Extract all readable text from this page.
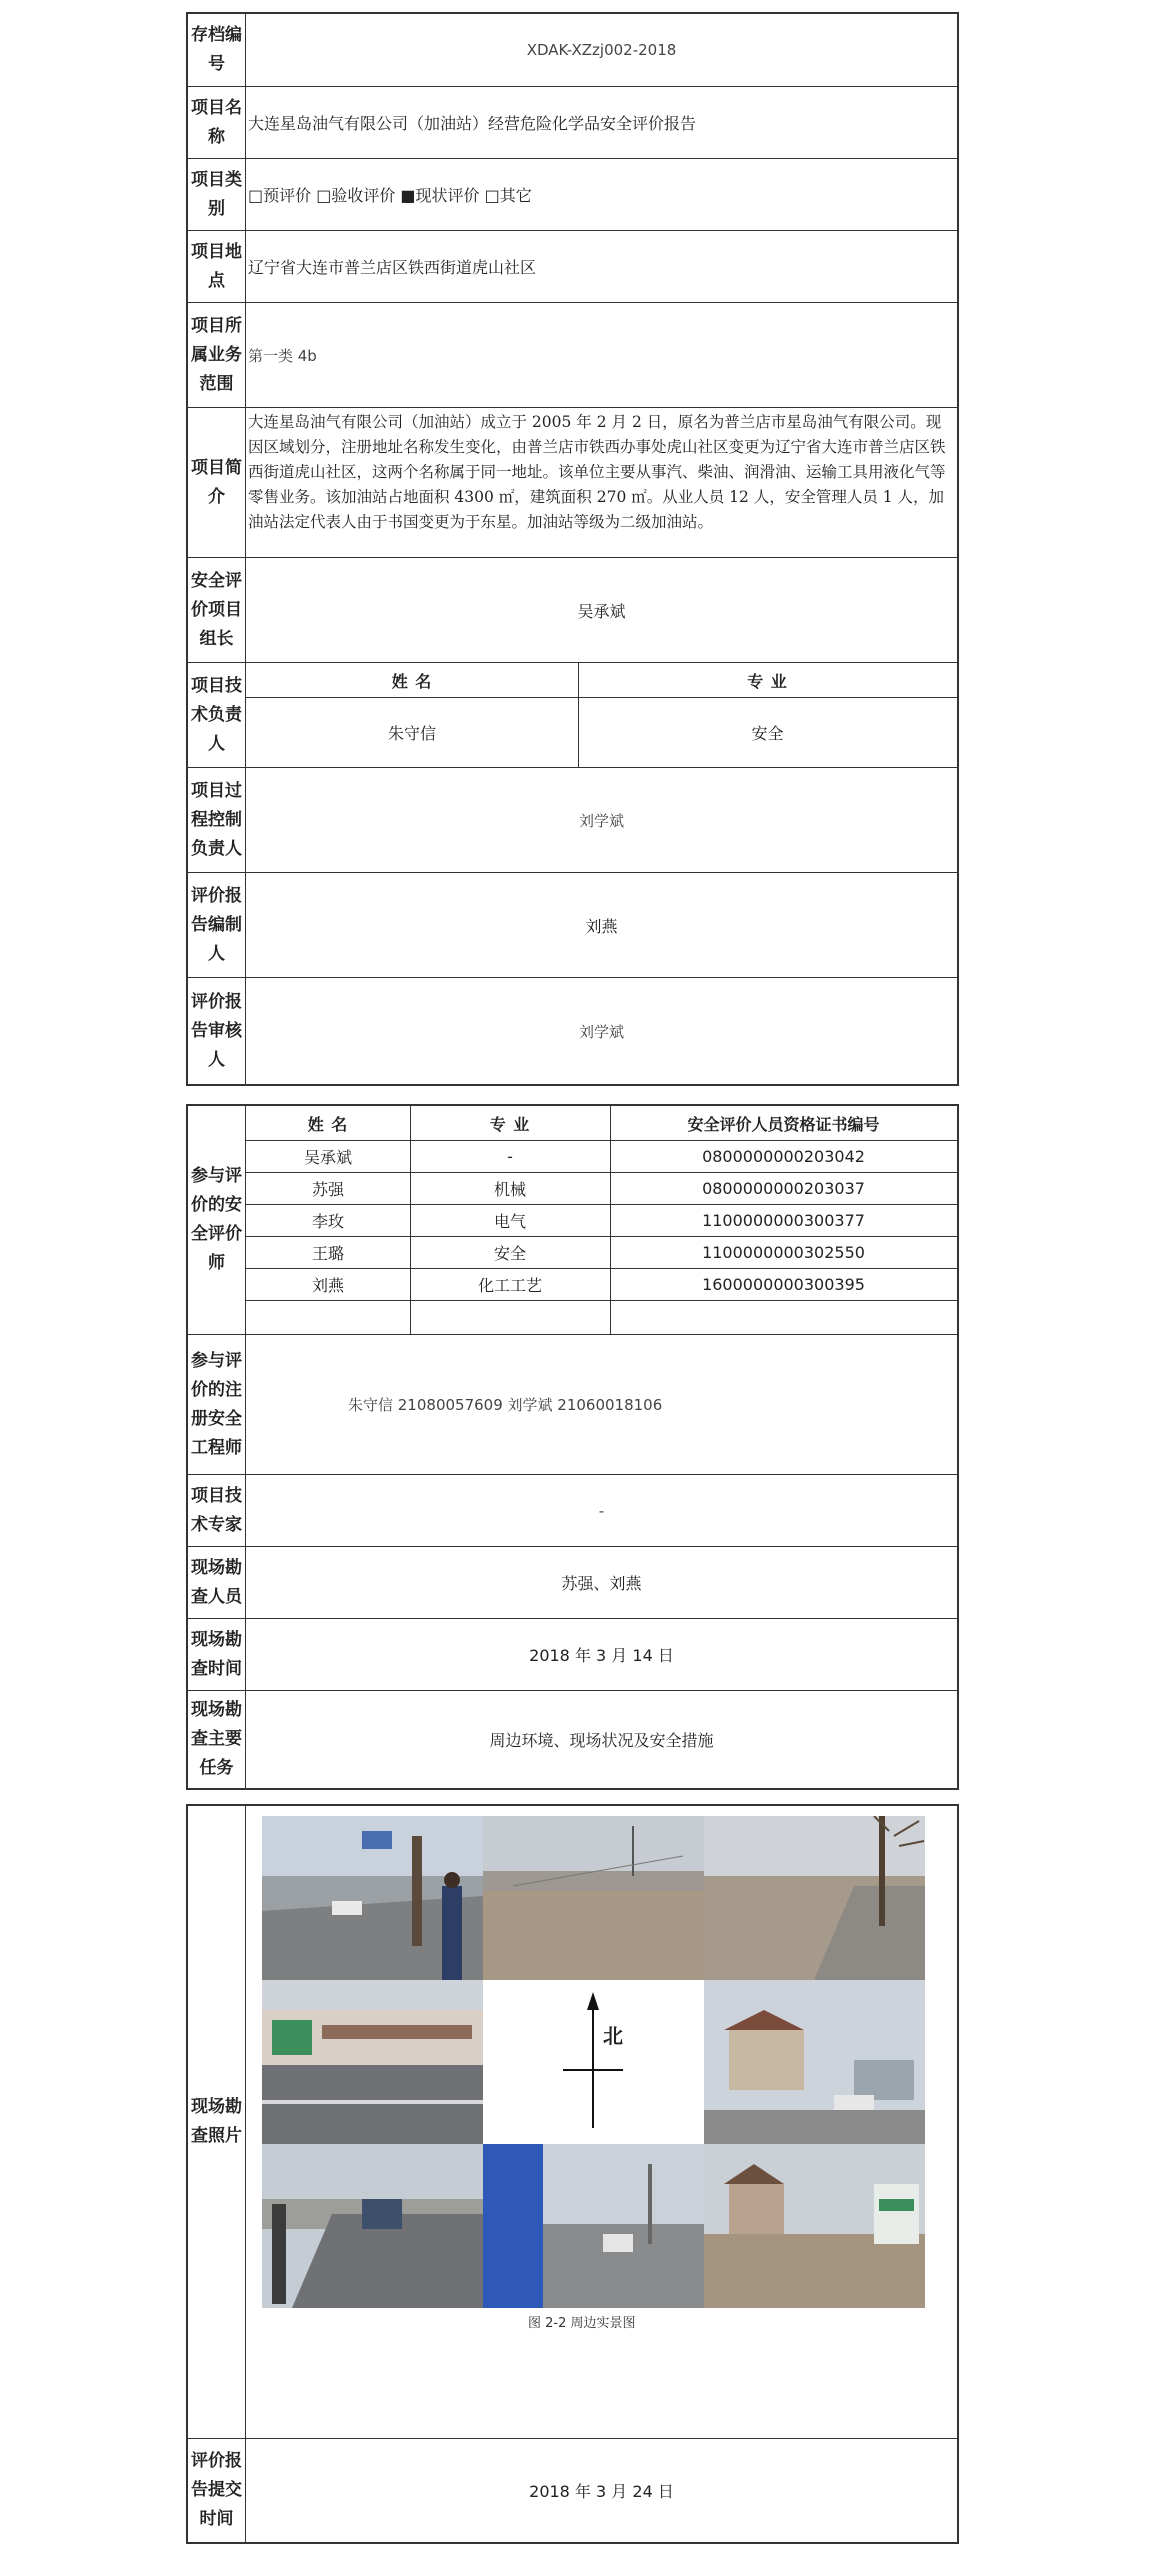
存档编号
XDAK-XZzj002-2018
项目名称
大连星岛油气有限公司（加油站）经营危险化学品安全评价报告
项目类别
□预评价 □验收评价 ■现状评价 □其它
项目地点
辽宁省大连市普兰店区铁西街道虎山社区
项目所属业务范围
第一类 4b
项目简介
大连星岛油气有限公司（加油站）成立于 2005 年 2 月 2 日，原名为普兰店市星岛油气有限公司。现因区域划分，注册地址名称发生变化，由普兰店市铁西办事处虎山社区变更为辽宁省大连市普兰店区铁西街道虎山社区，这两个名称属于同一地址。该单位主要从事汽、柴油、润滑油、运输工具用液化气等零售业务。该加油站占地面积 4300 ㎡，建筑面积 270 ㎡。从业人员 12 人，安全管理人员 1 人，加油站法定代表人由于书国变更为于东星。加油站等级为二级加油站。
安全评价项目组长
吴承斌
项目技术负责人
姓 名	专 业
朱守信	安全
项目过程控制负责人
刘学斌
评价报告编制人
刘燕
评价报告审核人
刘学斌
参与评价的安全评价师
姓 名	专 业	安全评价人员资格证书编号
吴承斌	-	0800000000203042
苏强	机械	0800000000203037
李玫	电气	1100000000300377
王璐	安全	1100000000302550
刘燕	化工工艺	1600000000300395
参与评价的注册安全工程师
朱守信 21080057609 刘学斌 21060018106
项目技术专家
-
现场勘查人员
苏强、刘燕
现场勘查时间
2018 年 3 月 14 日
现场勘查主要任务
周边环境、现场状况及安全措施
现场勘查照片
北
图 2-2 周边实景图
评价报告提交时间
2018 年 3 月 24 日
